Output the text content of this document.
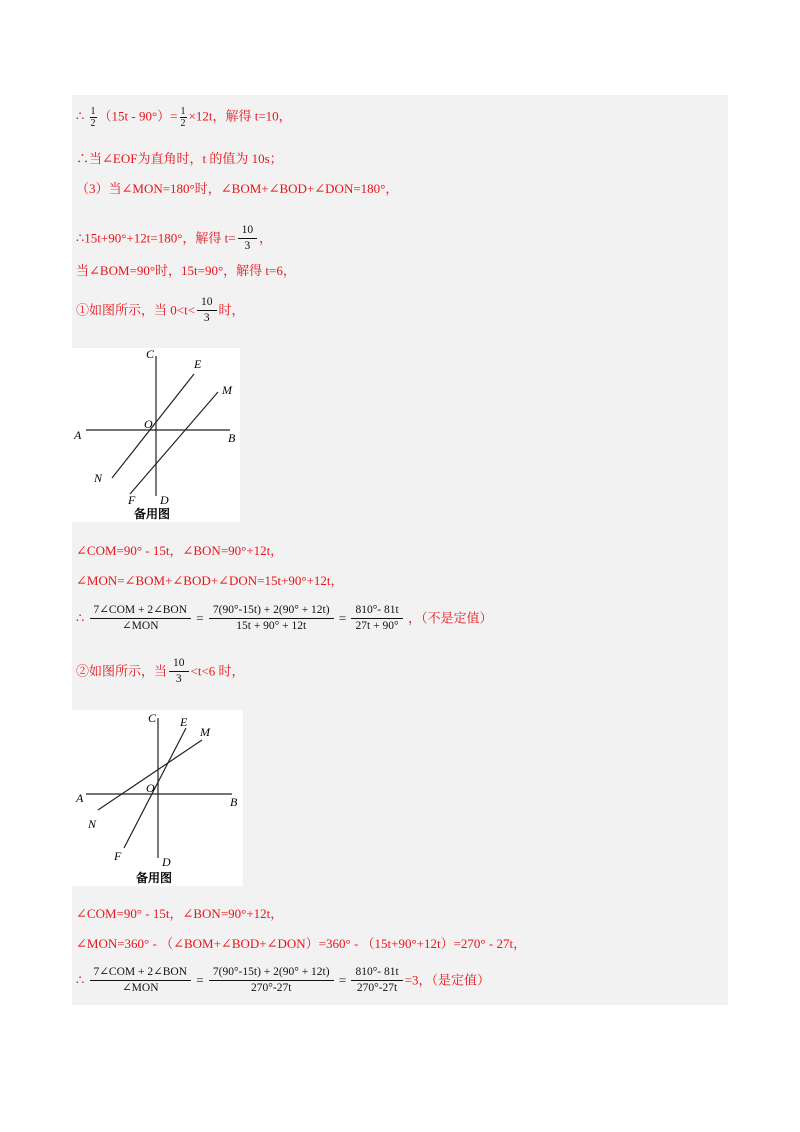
∴ $\frac{1}{2} (15t - 90^\circ)= \frac{1}{2} \times 12t$，解得 t=10，
∴当∠EOF为直角时，t 的值为 10s；
（3）当∠MON=180°时，∠BOM+∠BOD+∠DON=180°，
∴15t+90°+12t=180°，解得 $t= \frac{10}{3}$ ，
当∠BOM=90°时，15t=90°，解得 t=6，
①如图所示，当 $0<t< \frac{10}{3}$ 时，
C
E
M
O
A	B
N
F D
备用图
∠COM=90° - 15t，∠BON=90°+12t，
∠MON=∠BOM+∠BOD+∠DON=15t+90°+12t，
∴ $\frac{\text{7∠COM + 2∠BON}}{\text{∠MON}} = \frac{7(90^\circ-15t) + 2(90^\circ + 12t)}{15t + 90^\circ + 12t} = \frac{810^\circ- 81t}{27t + 90^\circ}$ ，（不是定值）
②如图所示，当 $\frac{10}{3} <t<6$ 时，
C E
M
O
A	B
N
F	D
备用图
∠COM=90° - 15t，∠BON=90°+12t，
∠MON=360° - （∠BOM+∠BOD+∠DON）=360° - （15t+90°+12t）=270° - 27t，
∴ $\frac{\text{7∠COM + 2∠BON}}{\text{∠MON}} = \frac{7(90^\circ-15t) + 2(90^\circ + 12t)}{270^\circ-27t} = \frac{810^\circ- 81t}{270^\circ-27t} =3$，（是定值）
